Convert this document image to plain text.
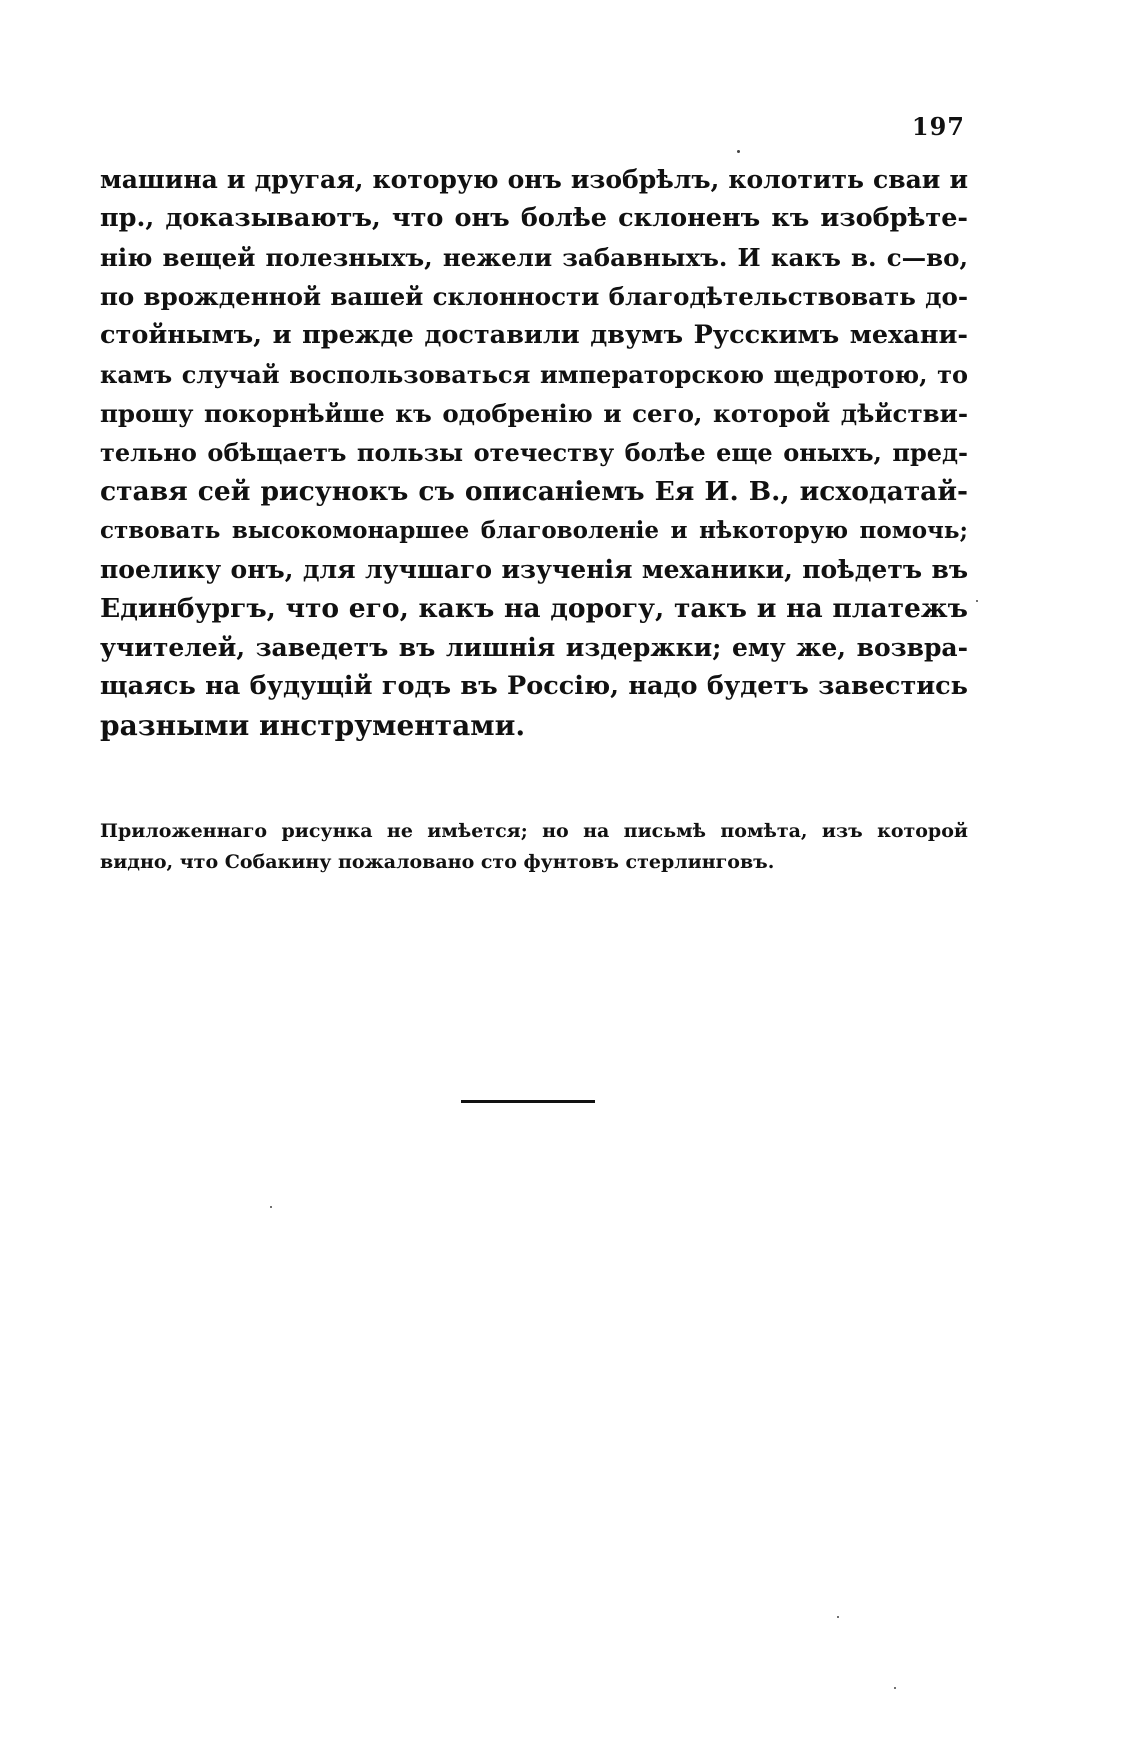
197
машина и другая, которую онъ изобрѣлъ, колотить сваи и
пр., доказываютъ, что онъ болѣе склоненъ къ изобрѣте-
нію вещей полезныхъ, нежели забавныхъ. И какъ в. с—во,
по врожденной вашей склонности благодѣтельствовать до-
стойнымъ, и прежде доставили двумъ Русскимъ механи-
камъ случай воспользоваться императорскою щедротою, то
прошу покорнѣйше къ одобренію и сего, которой дѣйстви-
тельно обѣщаетъ пользы отечеству болѣе еще оныхъ, пред-
ставя сей рисунокъ съ описаніемъ Ея И. В., исходатай-
ствовать высокомонаршее благоволеніе и нѣкоторую помочь;
поелику онъ, для лучшаго изученія механики, поѣдетъ въ
Единбургъ, что его, какъ на дорогу, такъ и на платежъ
учителей, заведетъ въ лишнія издержки; ему же, возвра-
щаясь на будущій годъ въ Россію, надо будетъ завестись
разными инструментами.
Приложеннаго рисунка не имѣется; но на письмѣ помѣта, изъ которой
видно, что Собакину пожаловано сто фунтовъ стерлинговъ.
